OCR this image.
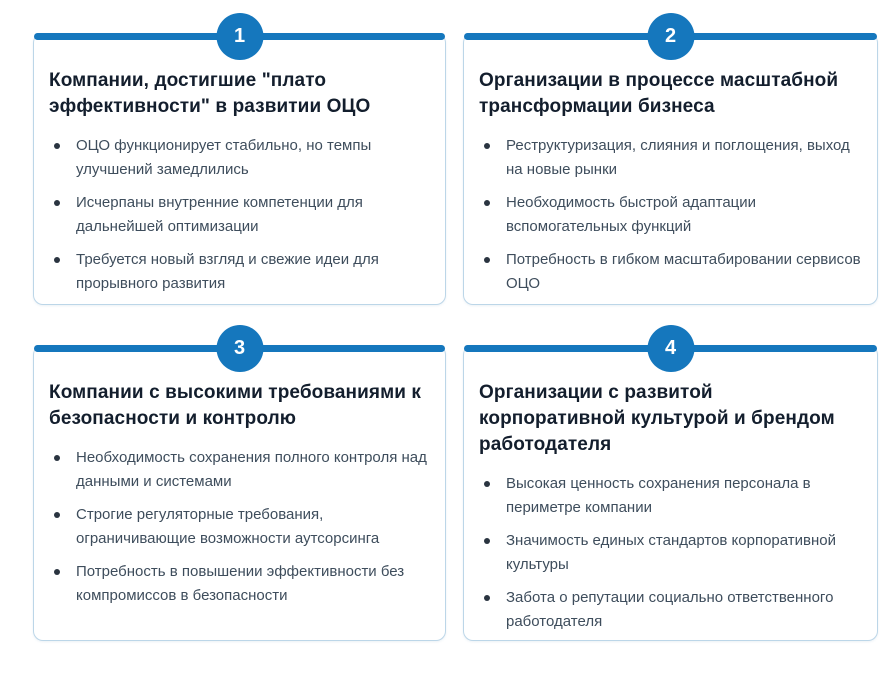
1
Компании, достигшие "плато эффективности" в развитии ОЦО
ОЦО функционирует стабильно, но темпы улучшений замедлились
Исчерпаны внутренние компетенции для дальнейшей оптимизации
Требуется новый взгляд и свежие идеи для прорывного развития
2
Организации в процессе масштабной трансформации бизнеса
Реструктуризация, слияния и поглощения, выход на новые рынки
Необходимость быстрой адаптации вспомогательных функций
Потребность в гибком масштабировании сервисов ОЦО
3
Компании с высокими требованиями к безопасности и контролю
Необходимость сохранения полного контроля над данными и системами
Строгие регуляторные требования, ограничивающие возможности аутсорсинга
Потребность в повышении эффективности без компромиссов в безопасности
4
Организации с развитой корпоративной культурой и брендом работодателя
Высокая ценность сохранения персонала в периметре компании
Значимость единых стандартов корпоративной культуры
Забота о репутации социально ответственного работодателя
